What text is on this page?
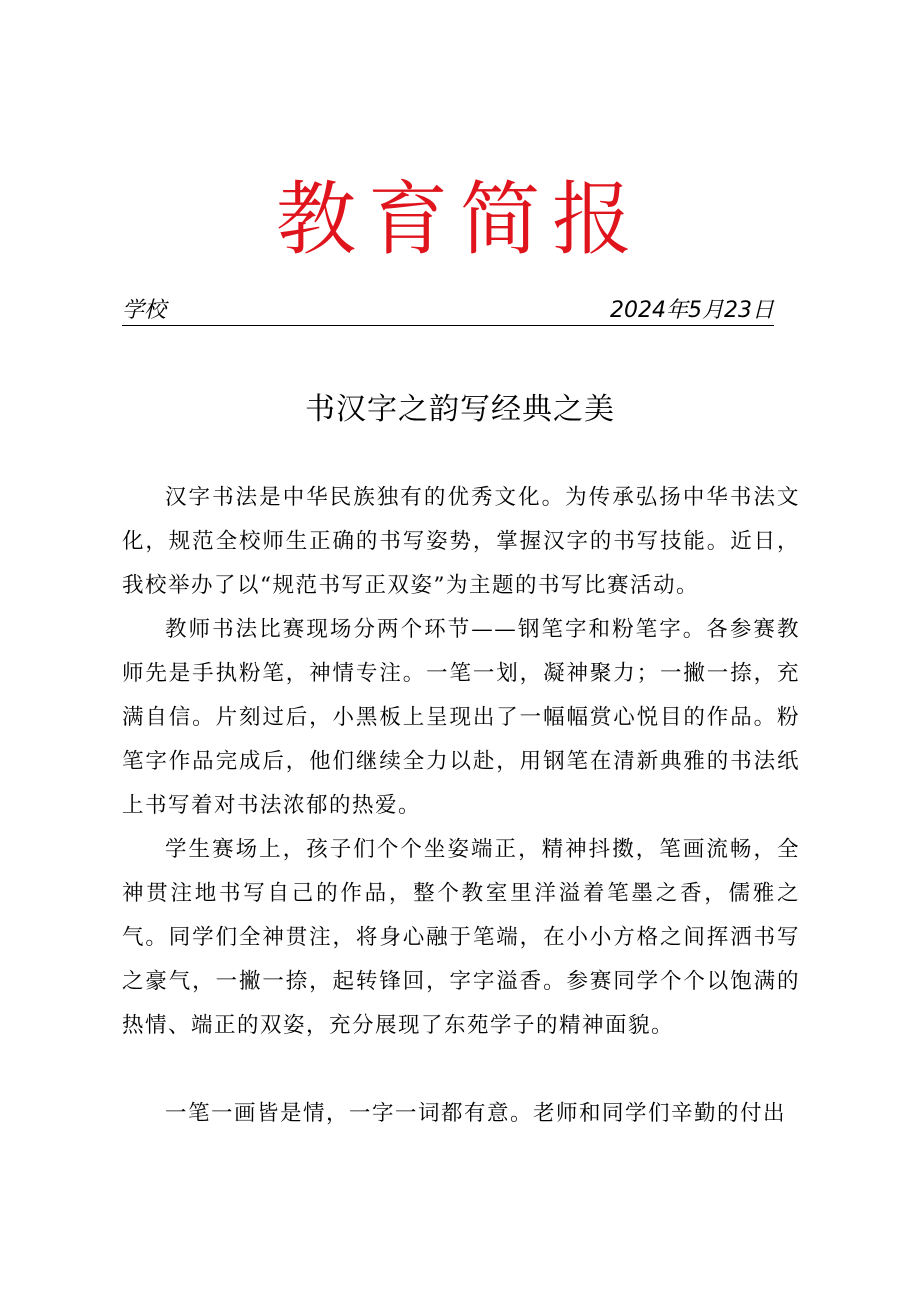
教育简报
学校	2024年5月23日
书汉字之韵写经典之美

汉字书法是中华民族独有的优秀文化。为传承弘扬中华书法文化，规范全校师生正确的书写姿势，掌握汉字的书写技能。近日，我校举办了以“规范书写正双姿”为主题的书写比赛活动。

教师书法比赛现场分两个环节——钢笔字和粉笔字。各参赛教师先是手执粉笔，神情专注。一笔一划，凝神聚力；一撇一捺，充满自信。片刻过后，小黑板上呈现出了一幅幅赏心悦目的作品。粉笔字作品完成后，他们继续全力以赴，用钢笔在清新典雅的书法纸上书写着对书法浓郁的热爱。

学生赛场上，孩子们个个坐姿端正，精神抖擞，笔画流畅，全神贯注地书写自己的作品，整个教室里洋溢着笔墨之香，儒雅之气。同学们全神贯注，将身心融于笔端，在小小方格之间挥洒书写之豪气，一撇一捺，起转锋回，字字溢香。参赛同学个个以饱满的热情、端正的双姿，充分展现了东苑学子的精神面貌。

一笔一画皆是情，一字一词都有意。老师和同学们辛勤的付出
